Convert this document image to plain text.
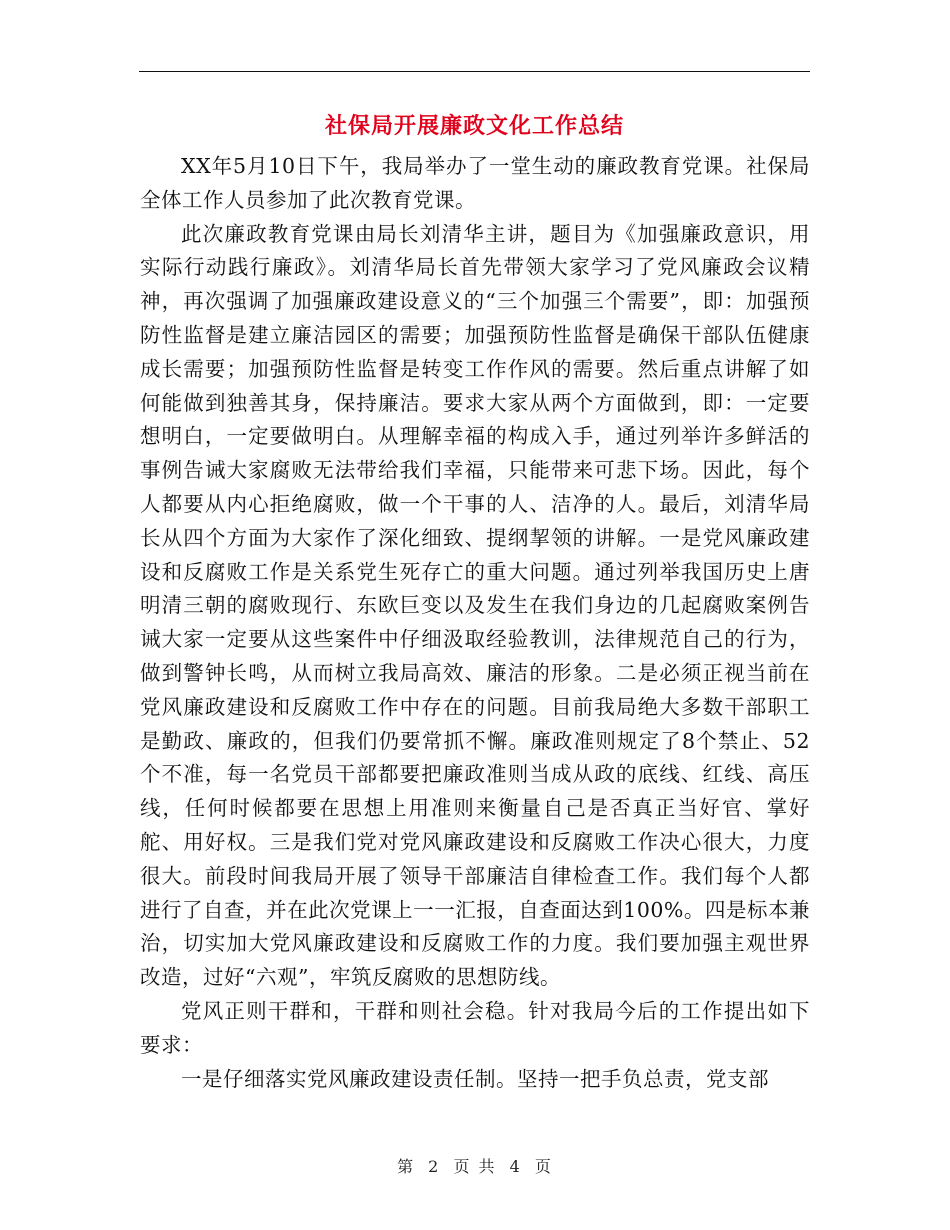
社保局开展廉政文化工作总结

XX年5月10日下午，我局举办了一堂生动的廉政教育党课。社保局全体工作人员参加了此次教育党课。

此次廉政教育党课由局长刘清华主讲，题目为《加强廉政意识，用实际行动践行廉政》。刘清华局长首先带领大家学习了党风廉政会议精神，再次强调了加强廉政建设意义的“三个加强三个需要”，即：加强预防性监督是建立廉洁园区的需要；加强预防性监督是确保干部队伍健康成长需要；加强预防性监督是转变工作作风的需要。然后重点讲解了如何能做到独善其身，保持廉洁。要求大家从两个方面做到，即：一定要想明白，一定要做明白。从理解幸福的构成入手，通过列举许多鲜活的事例告诫大家腐败无法带给我们幸福，只能带来可悲下场。因此，每个人都要从内心拒绝腐败，做一个干事的人、洁净的人。最后，刘清华局长从四个方面为大家作了深化细致、提纲挈领的讲解。一是党风廉政建设和反腐败工作是关系党生死存亡的重大问题。通过列举我国历史上唐明清三朝的腐败现行、东欧巨变以及发生在我们身边的几起腐败案例告诫大家一定要从这些案件中仔细汲取经验教训，法律规范自己的行为，做到警钟长鸣，从而树立我局高效、廉洁的形象。二是必须正视当前在党风廉政建设和反腐败工作中存在的问题。目前我局绝大多数干部职工是勤政、廉政的，但我们仍要常抓不懈。廉政准则规定了8个禁止、52个不准，每一名党员干部都要把廉政准则当成从政的底线、红线、高压线，任何时候都要在思想上用准则来衡量自己是否真正当好官、掌好舵、用好权。三是我们党对党风廉政建设和反腐败工作决心很大，力度很大。前段时间我局开展了领导干部廉洁自律检查工作。我们每个人都进行了自查，并在此次党课上一一汇报，自查面达到100%。四是标本兼治，切实加大党风廉政建设和反腐败工作的力度。我们要加强主观世界改造，过好“六观”，牢筑反腐败的思想防线。

党风正则干群和，干群和则社会稳。针对我局今后的工作提出如下要求：

一是仔细落实党风廉政建设责任制。坚持一把手负总责，党支部

第 2 页 共 4 页
